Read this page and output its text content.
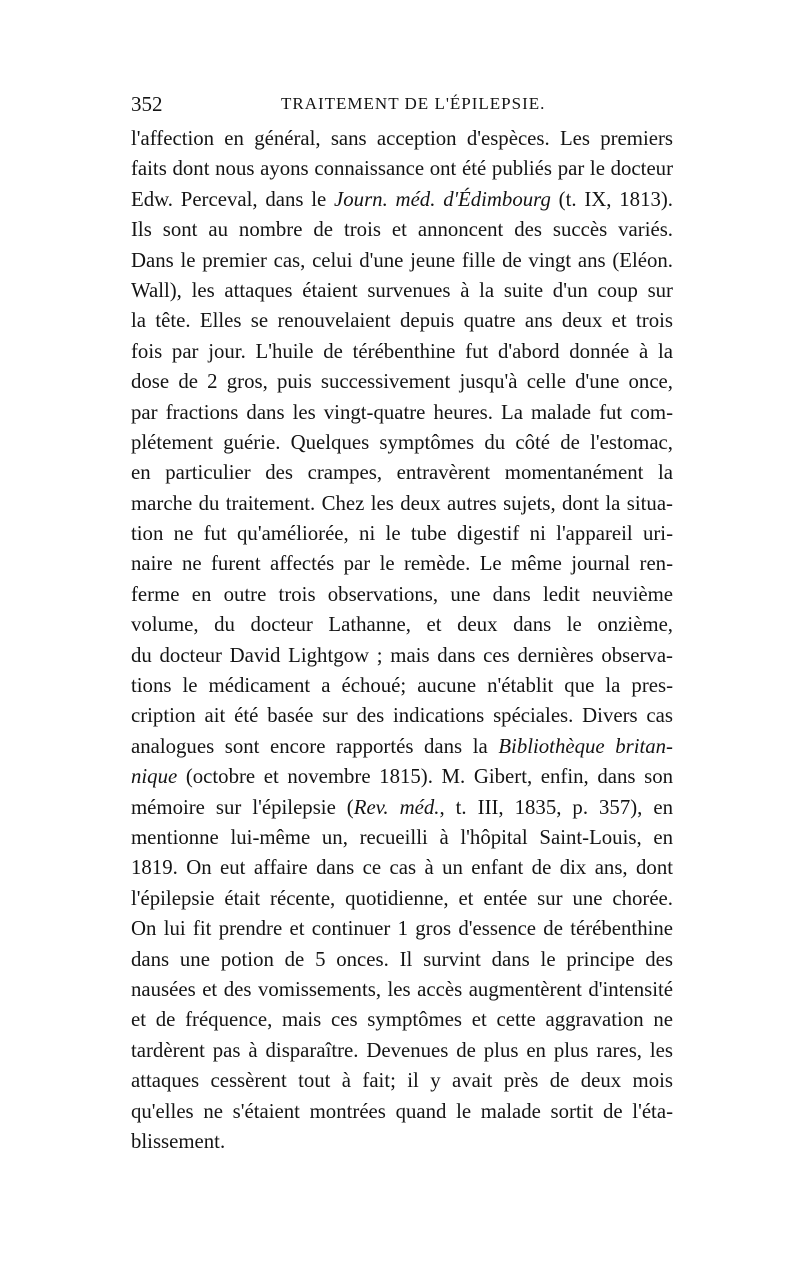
352	TRAITEMENT DE L'ÉPILEPSIE.
l'affection en général, sans acception d'espèces. Les premiers
faits dont nous ayons connaissance ont été publiés par le docteur
Edw. Perceval, dans le Journ. méd. d'Édimbourg (t. IX, 1813).
Ils sont au nombre de trois et annoncent des succès variés.
Dans le premier cas, celui d'une jeune fille de vingt ans (Eléon.
Wall), les attaques étaient survenues à la suite d'un coup sur
la tête. Elles se renouvelaient depuis quatre ans deux et trois
fois par jour. L'huile de térébenthine fut d'abord donnée à la
dose de 2 gros, puis successivement jusqu'à celle d'une once,
par fractions dans les vingt-quatre heures. La malade fut com-
plétement guérie. Quelques symptômes du côté de l'estomac,
en particulier des crampes, entravèrent momentanément la
marche du traitement. Chez les deux autres sujets, dont la situa-
tion ne fut qu'améliorée, ni le tube digestif ni l'appareil uri-
naire ne furent affectés par le remède. Le même journal ren-
ferme en outre trois observations, une dans ledit neuvième
volume, du docteur Lathanne, et deux dans le onzième,
du docteur David Lightgow ; mais dans ces dernières observa-
tions le médicament a échoué; aucune n'établit que la pres-
cription ait été basée sur des indications spéciales. Divers cas
analogues sont encore rapportés dans la Bibliothèque britan-
nique (octobre et novembre 1815). M. Gibert, enfin, dans son
mémoire sur l'épilepsie (Rev. méd., t. III, 1835, p. 357), en
mentionne lui-même un, recueilli à l'hôpital Saint-Louis, en
1819. On eut affaire dans ce cas à un enfant de dix ans, dont
l'épilepsie était récente, quotidienne, et entée sur une chorée.
On lui fit prendre et continuer 1 gros d'essence de térébenthine
dans une potion de 5 onces. Il survint dans le principe des
nausées et des vomissements, les accès augmentèrent d'intensité
et de fréquence, mais ces symptômes et cette aggravation ne
tardèrent pas à disparaître. Devenues de plus en plus rares, les
attaques cessèrent tout à fait; il y avait près de deux mois
qu'elles ne s'étaient montrées quand le malade sortit de l'éta-
blissement.
